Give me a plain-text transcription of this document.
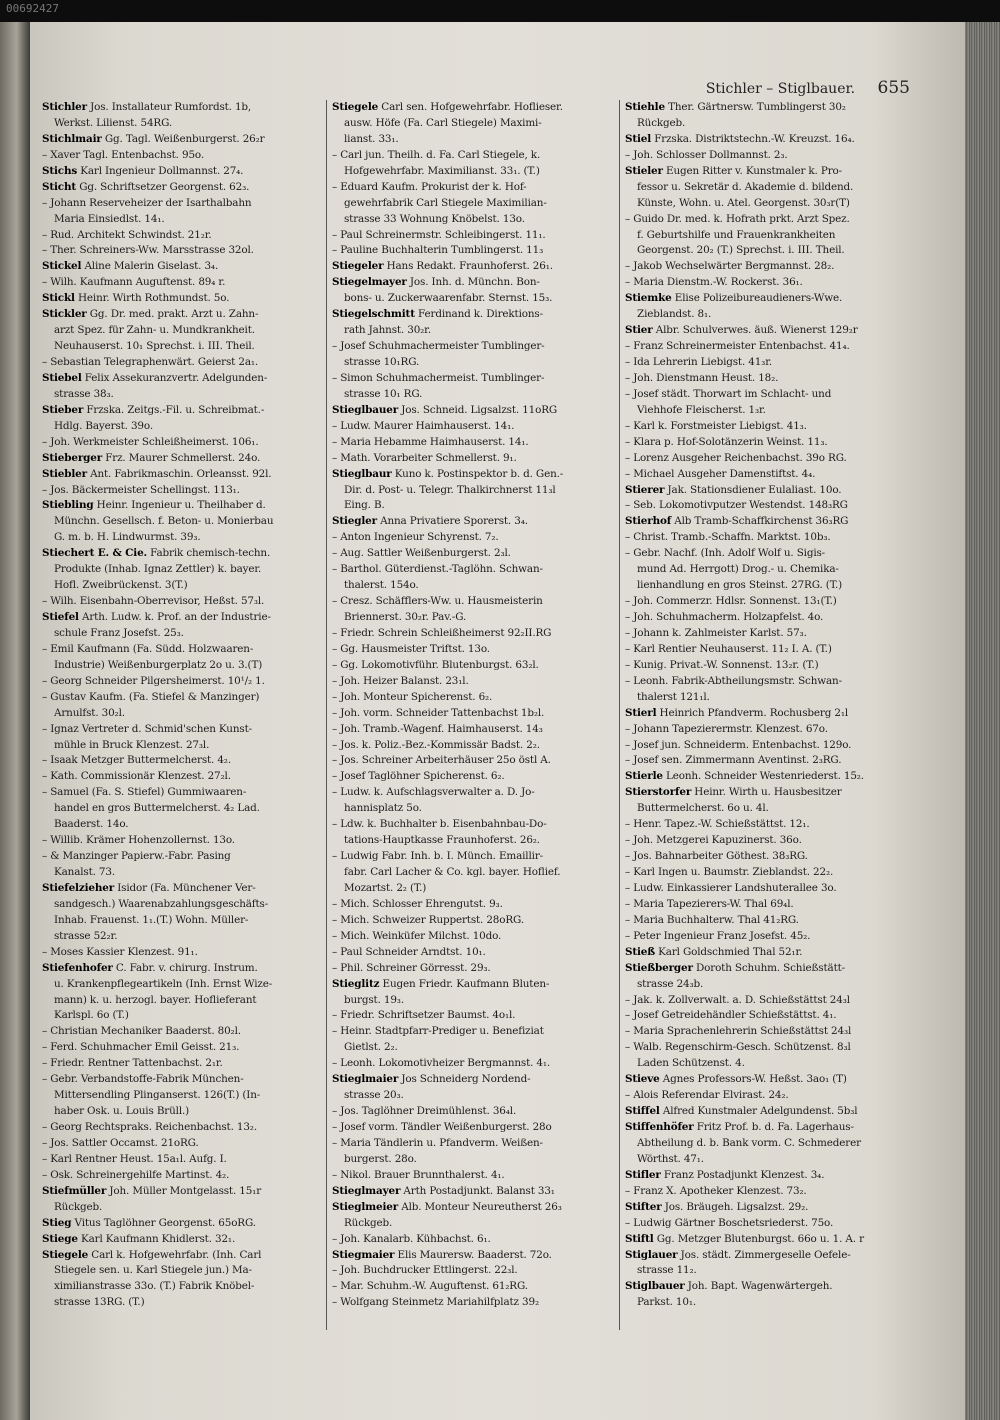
00692427
Stichler – Stiglbauer. 655
Stichler Jos. Installateur Rumfordst. 1b,
Werkst. Lilienst. 54RG.
Stichlmair Gg. Tagl. Weißenburgerst. 26₂r
– Xaver Tagl. Entenbachst. 95o.
Stichs Karl Ingenieur Dollmannst. 27₄.
Sticht Gg. Schriftsetzer Georgenst. 62₃.
– Johann Reserveheizer der Isarthalbahn
Maria Einsiedlst. 14₁.
– Rud. Architekt Schwindst. 21₂r.
– Ther. Schreiners-Ww. Marsstrasse 32ol.
Stickel Aline Malerin Giselast. 3₄.
– Wilh. Kaufmann Auguftenst. 89₄ r.
Stickl Heinr. Wirth Rothmundst. 5o.
Stickler Gg. Dr. med. prakt. Arzt u. Zahn-
arzt Spez. für Zahn- u. Mundkrankheit.
Neuhauserst. 10₁ Sprechst. i. III. Theil.
– Sebastian Telegraphenwärt. Geierst 2a₁.
Stiebel Felix Assekuranzvertr. Adelgunden-
strasse 38₃.
Stieber Frzska. Zeitgs.-Fil. u. Schreibmat.-
Hdlg. Bayerst. 39o.
– Joh. Werkmeister Schleißheimerst. 106₁.
Stieberger Frz. Maurer Schmellerst. 24o.
Stiebler Ant. Fabrikmaschin. Orleansst. 92l.
– Jos. Bäckermeister Schellingst. 113₁.
Stiebling Heinr. Ingenieur u. Theilhaber d.
Münchn. Gesellsch. f. Beton- u. Monierbau
G. m. b. H. Lindwurmst. 39₃.
Stiechert E. & Cie. Fabrik chemisch-techn.
Produkte (Inhab. Ignaz Zettler) k. bayer.
Hofl. Zweibrückenst. 3(T.)
– Wilh. Eisenbahn-Oberrevisor, Heßst. 57₃l.
Stiefel Arth. Ludw. k. Prof. an der Industrie-
schule Franz Josefst. 25₃.
– Emil Kaufmann (Fa. Südd. Holzwaaren-
Industrie) Weißenburgerplatz 2o u. 3.(T)
– Georg Schneider Pilgersheimerst. 10¹/₂ 1.
– Gustav Kaufm. (Fa. Stiefel & Manzinger)
Arnulfst. 30₂l.
– Ignaz Vertreter d. Schmid'schen Kunst-
mühle in Bruck Klenzest. 27₃l.
– Isaak Metzger Buttermelcherst. 4₂.
– Kath. Commissionär Klenzest. 27₂l.
– Samuel (Fa. S. Stiefel) Gummiwaaren-
handel en gros Buttermelcherst. 4₂ Lad.
Baaderst. 14o.
– Willib. Krämer Hohenzollernst. 13o.
– & Manzinger Papierw.-Fabr. Pasing
Kanalst. 73.
Stiefelzieher Isidor (Fa. Münchener Ver-
sandgesch.) Waarenabzahlungsgeschäfts-
Inhab. Frauenst. 1₁.(T.) Wohn. Müller-
strasse 52₂r.
– Moses Kassier Klenzest. 91₁.
Stiefenhofer C. Fabr. v. chirurg. Instrum.
u. Krankenpflegeartikeln (Inh. Ernst Wize-
mann) k. u. herzogl. bayer. Hoflieferant
Karlspl. 6o (T.)
– Christian Mechaniker Baaderst. 80₂l.
– Ferd. Schuhmacher Emil Geisst. 21₃.
– Friedr. Rentner Tattenbachst. 2₁r.
– Gebr. Verbandstoffe-Fabrik München-
Mittersendling Plinganserst. 126(T.) (In-
haber Osk. u. Louis Brüll.)
– Georg Rechtspraks. Reichenbachst. 13₂.
– Jos. Sattler Occamst. 21oRG.
– Karl Rentner Heust. 15a₁l. Aufg. I.
– Osk. Schreinergehilfe Martinst. 4₂.
Stiefmüller Joh. Müller Montgelasst. 15₁r
Rückgeb.
Stieg Vitus Taglöhner Georgenst. 65oRG.
Stiege Karl Kaufmann Khidlerst. 32₁.
Stiegele Carl k. Hofgewehrfabr. (Inh. Carl
Stiegele sen. u. Karl Stiegele jun.) Ma-
ximilianstrasse 33o. (T.) Fabrik Knöbel-
strasse 13RG. (T.)
Stiegele Carl sen. Hofgewehrfabr. Hoflieser.
ausw. Höfe (Fa. Carl Stiegele) Maximi-
lianst. 33₁.
– Carl jun. Theilh. d. Fa. Carl Stiegele, k.
Hofgewehrfabr. Maximilianst. 33₁. (T.)
– Eduard Kaufm. Prokurist der k. Hof-
gewehrfabrik Carl Stiegele Maximilian-
strasse 33 Wohnung Knöbelst. 13o.
– Paul Schreinermstr. Schleibingerst. 11₁.
– Pauline Buchhalterin Tumblingerst. 11₃
Stiegeler Hans Redakt. Fraunhoferst. 26₁.
Stiegelmayer Jos. Inh. d. Münchn. Bon-
bons- u. Zuckerwaarenfabr. Sternst. 15₃.
Stiegelschmitt Ferdinand k. Direktions-
rath Jahnst. 30₂r.
– Josef Schuhmachermeister Tumblinger-
strasse 10₁RG.
– Simon Schuhmachermeist. Tumblinger-
strasse 10₁ RG.
Stieglbauer Jos. Schneid. Ligsalzst. 11oRG
– Ludw. Maurer Haimhauserst. 14₁.
– Maria Hebamme Haimhauserst. 14₁.
– Math. Vorarbeiter Schmellerst. 9₁.
Stieglbaur Kuno k. Postinspektor b. d. Gen.-
Dir. d. Post- u. Telegr. Thalkirchnerst 11₃l
Eing. B.
Stiegler Anna Privatiere Sporerst. 3₄.
– Anton Ingenieur Schyrenst. 7₂.
– Aug. Sattler Weißenburgerst. 2₃l.
– Barthol. Güterdienst.-Taglöhn. Schwan-
thalerst. 154o.
– Cresz. Schäfflers-Ww. u. Hausmeisterin
Briennerst. 30₂r. Pav.-G.
– Friedr. Schrein Schleißheimerst 92₂II.RG
– Gg. Hausmeister Triftst. 13o.
– Gg. Lokomotivführ. Blutenburgst. 63₂l.
– Joh. Heizer Balanst. 23₁l.
– Joh. Monteur Spicherenst. 6₂.
– Joh. vorm. Schneider Tattenbachst 1b₂l.
– Joh. Tramb.-Wagenf. Haimhauserst. 14₃
– Jos. k. Poliz.-Bez.-Kommissär Badst. 2₂.
– Jos. Schreiner Arbeiterhäuser 25o östl A.
– Josef Taglöhner Spicherenst. 6₂.
– Ludw. k. Aufschlagsverwalter a. D. Jo-
hannisplatz 5o.
– Ldw. k. Buchhalter b. Eisenbahnbau-Do-
tations-Hauptkasse Fraunhoferst. 26₂.
– Ludwig Fabr. Inh. b. I. Münch. Emaillir-
fabr. Carl Lacher & Co. kgl. bayer. Hoflief.
Mozartst. 2₂ (T.)
– Mich. Schlosser Ehrengutst. 9₃.
– Mich. Schweizer Ruppertst. 28oRG.
– Mich. Weinküfer Milchst. 10do.
– Paul Schneider Arndtst. 10₁.
– Phil. Schreiner Görresst. 29₃.
Stieglitz Eugen Friedr. Kaufmann Bluten-
burgst. 19₃.
– Friedr. Schriftsetzer Baumst. 4o₁l.
– Heinr. Stadtpfarr-Prediger u. Benefiziat
Gietlst. 2₂.
– Leonh. Lokomotivheizer Bergmannst. 4₁.
Stieglmaier Jos Schneiderg Nordend-
strasse 20₃.
– Jos. Taglöhner Dreimühlenst. 36₄l.
– Josef vorm. Tändler Weißenburgerst. 28o
– Maria Tändlerin u. Pfandverm. Weißen-
burgerst. 28o.
– Nikol. Brauer Brunnthalerst. 4₁.
Stieglmayer Arth Postadjunkt. Balanst 33₁
Stieglmeier Alb. Monteur Neureutherst 26₃
Rückgeb.
– Joh. Kanalarb. Kühbachst. 6₁.
Stiegmaier Elis Maurersw. Baaderst. 72o.
– Joh. Buchdrucker Ettlingerst. 22₃l.
– Mar. Schuhm.-W. Auguftenst. 61₂RG.
– Wolfgang Steinmetz Mariahilfplatz 39₂
Stiehle Ther. Gärtnersw. Tumblingerst 30₂
Rückgeb.
Stiel Frzska. Distriktstechn.-W. Kreuzst. 16₄.
– Joh. Schlosser Dollmannst. 2₃.
Stieler Eugen Ritter v. Kunstmaler k. Pro-
fessor u. Sekretär d. Akademie d. bildend.
Künste, Wohn. u. Atel. Georgenst. 30₃r(T)
– Guido Dr. med. k. Hofrath prkt. Arzt Spez.
f. Geburtshilfe und Frauenkrankheiten
Georgenst. 20₂ (T.) Sprechst. i. III. Theil.
– Jakob Wechselwärter Bergmannst. 28₂.
– Maria Dienstm.-W. Rockerst. 36₁.
Stiemke Elise Polizeibureaudieners-Wwe.
Zieblandst. 8₁.
Stier Albr. Schulverwes. äuß. Wienerst 129₂r
– Franz Schreinermeister Entenbachst. 41₄.
– Ida Lehrerin Liebigst. 41₃r.
– Joh. Dienstmann Heust. 18₂.
– Josef städt. Thorwart im Schlacht- und
Viehhofe Fleischerst. 1₃r.
– Karl k. Forstmeister Liebigst. 41₃.
– Klara p. Hof-Solotänzerin Weinst. 11₃.
– Lorenz Ausgeher Reichenbachst. 39o RG.
– Michael Ausgeher Damenstiftst. 4₄.
Stierer Jak. Stationsdiener Eulaliast. 10o.
– Seb. Lokomotivputzer Westendst. 148₃RG
Stierhof Alb Tramb-Schaffkirchenst 36₃RG
– Christ. Tramb.-Schaffn. Marktst. 10b₃.
– Gebr. Nachf. (Inh. Adolf Wolf u. Sigis-
mund Ad. Herrgott) Drog.- u. Chemika-
lienhandlung en gros Steinst. 27RG. (T.)
– Joh. Commerzr. Hdlsr. Sonnenst. 13₁(T.)
– Joh. Schuhmacherm. Holzapfelst. 4o.
– Johann k. Zahlmeister Karlst. 57₃.
– Karl Rentier Neuhauserst. 11₂ I. A. (T.)
– Kunig. Privat.-W. Sonnenst. 13₂r. (T.)
– Leonh. Fabrik-Abtheilungsmstr. Schwan-
thalerst 121₁l.
Stierl Heinrich Pfandverm. Rochusberg 2₁l
– Johann Tapezierermstr. Klenzest. 67o.
– Josef jun. Schneiderm. Entenbachst. 129o.
– Josef sen. Zimmermann Aventinst. 2₃RG.
Stierle Leonh. Schneider Westenriederst. 15₂.
Stierstorfer Heinr. Wirth u. Hausbesitzer
Buttermelcherst. 6o u. 4l.
– Henr. Tapez.-W. Schießstättst. 12₁.
– Joh. Metzgerei Kapuzinerst. 36o.
– Jos. Bahnarbeiter Göthest. 38₃RG.
– Karl Ingen u. Baumstr. Zieblandst. 22₂.
– Ludw. Einkassierer Landshuterallee 3o.
– Maria Tapezierers-W. Thal 69₄l.
– Maria Buchhalterw. Thal 41₂RG.
– Peter Ingenieur Franz Josefst. 45₂.
Stieß Karl Goldschmied Thal 52₁r.
Stießberger Doroth Schuhm. Schießstätt-
strasse 24₃b.
– Jak. k. Zollverwalt. a. D. Schießstättst 24₃l
– Josef Getreidehändler Schießstättst. 4₁.
– Maria Sprachenlehrerin Schießstättst 24₃l
– Walb. Regenschirm-Gesch. Schützenst. 8₃l
Laden Schützenst. 4.
Stieve Agnes Professors-W. Heßst. 3ao₁ (T)
– Alois Referendar Elvirast. 24₂.
Stiffel Alfred Kunstmaler Adelgundenst. 5b₃l
Stiffenhöfer Fritz Prof. b. d. Fa. Lagerhaus-
Abtheilung d. b. Bank vorm. C. Schmederer
Wörthst. 47₁.
Stifler Franz Postadjunkt Klenzest. 3₄.
– Franz X. Apotheker Klenzest. 73₂.
Stifter Jos. Bräugeh. Ligsalzst. 29₂.
– Ludwig Gärtner Boschetsriederst. 75o.
Stiftl Gg. Metzger Blutenburgst. 66o u. 1. A. r
Stiglauer Jos. städt. Zimmergeselle Oefele-
strasse 11₂.
Stiglbauer Joh. Bapt. Wagenwärtergeh.
Parkst. 10₁.
